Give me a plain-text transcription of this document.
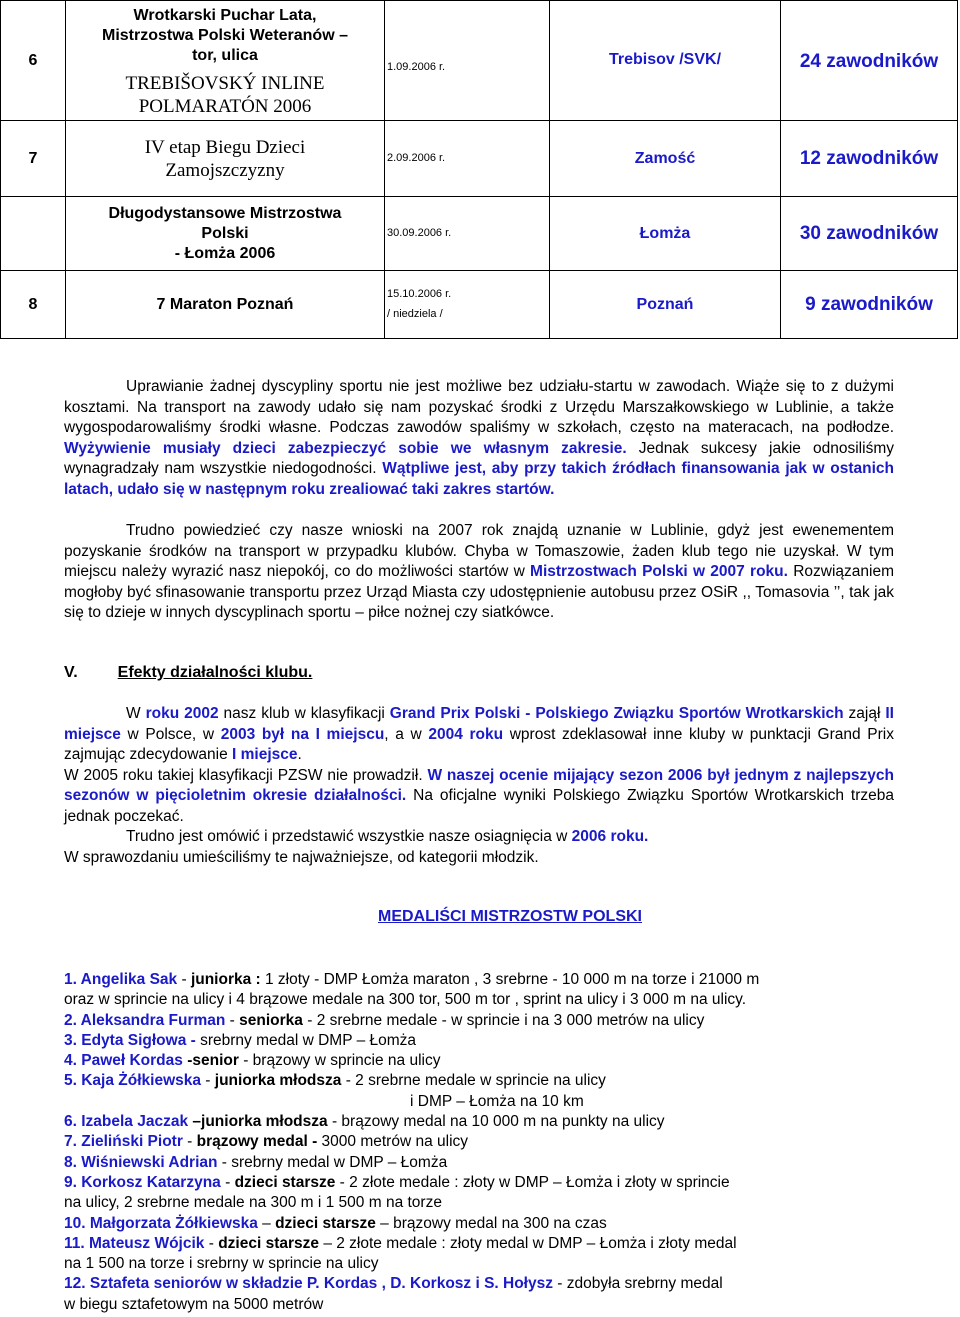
6	Wrotkarski Puchar Lata,
Mistrzostwa Polski Weteranów –
tor, ulica
TREBIŠOVSKÝ INLINE
POLMARATÓN 2006	1.09.2006 r.	Trebisov /SVK/	24 zawodników
7	IV etap Biegu Dzieci
Zamojszczyzny	2.09.2006 r.	Zamość	12 zawodników

	Długodystansowe Mistrzostwa
Polski
- Łomża 2006	30.09.2006 r.	Łomża	30 zawodników
8	7 Maraton Poznań	15.10.2006 r.
/ niedziela /	Poznań	9 zawodników
Uprawianie żadnej dyscypliny sportu nie jest możliwe bez udziału-startu w zawodach. Wiąże się to z dużymi kosztami. Na transport na zawody udało się nam pozyskać środki z Urzędu Marszałkowskiego w Lublinie, a także wygospodarowaliśmy środki własne. Podczas zawodów spaliśmy w szkołach, często na materacach, na podłodze. Wyżywienie musiały dzieci zabezpieczyć sobie we własnym zakresie. Jednak sukcesy jakie odnosiliśmy wynagradzały nam wszystkie niedogodności. Wątpliwe jest, aby przy takich źródłach finansowania jak w ostanich latach, udało się w następnym roku zrealiować taki zakres startów.
Trudno powiedzieć czy nasze wnioski na 2007 rok znajdą uznanie w Lublinie, gdyż jest ewenementem pozyskanie środków na transport w przypadku klubów. Chyba w Tomaszowie, żaden klub tego nie uzyskał. W tym miejscu należy wyrazić nasz niepokój, co do możliwości startów w Mistrzostwach Polski w 2007 roku. Rozwiązaniem mogłoby być sfinasowanie transportu przez Urząd Miasta czy udostępnienie autobusu przez OSiR ,, Tomasovia ’’, tak jak się to dzieje w innych dyscyplinach sportu – piłce nożnej czy siatkówce.
V.	Efekty działalności klubu.
W roku 2002 nasz klub w klasyfikacji Grand Prix Polski - Polskiego Związku Sportów Wrotkarskich zajął II miejsce w Polsce, w 2003 był na I miejscu, a w 2004 roku wprost zdeklasował inne kluby w punktacji Grand Prix zajmując zdecydowanie I miejsce.
W 2005 roku takiej klasyfikacji PZSW nie prowadził. W naszej ocenie mijający sezon 2006 był jednym z najlepszych sezonów w pięcioletnim okresie działalności. Na oficjalne wyniki Polskiego Związku Sportów Wrotkarskich trzeba jednak poczekać.
Trudno jest omówić i przedstawić wszystkie nasze osiagnięcia w 2006 roku.
W sprawozdaniu umieściliśmy te najważniejsze, od kategorii młodzik.
MEDALIŚCI MISTRZOSTW POLSKI
1. Angelika Sak - juniorka : 1 złoty - DMP Łomża maraton , 3 srebrne - 10 000 m na torze i 21000 m
oraz w sprincie na ulicy i 4 brązowe medale na 300 tor, 500 m tor , sprint na ulicy i 3 000 m na ulicy.
2. Aleksandra Furman - seniorka - 2 srebrne medale - w sprincie i na 3 000 metrów na ulicy
3. Edyta Sigłowa - srebrny medal w DMP – Łomża
4. Paweł Kordas -senior - brązowy w sprincie na ulicy
5. Kaja Żółkiewska - juniorka młodsza - 2 srebrne medale w sprincie na ulicy
i DMP – Łomża na 10 km
6. Izabela Jaczak –juniorka młodsza - brązowy medal na 10 000 m na punkty na ulicy
7. Zieliński Piotr - brązowy medal - 3000 metrów na ulicy
8. Wiśniewski Adrian - srebrny medal w DMP – Łomża
9. Korkosz Katarzyna - dzieci starsze - 2 złote medale : złoty w DMP – Łomża i złoty w sprincie
na ulicy, 2 srebrne medale na 300 m i 1 500 m na torze
10. Małgorzata Żółkiewska – dzieci starsze – brązowy medal na 300 na czas
11. Mateusz Wójcik - dzieci starsze – 2 złote medale : złoty medal w DMP – Łomża i złoty medal
na 1 500 na torze i srebrny w sprincie na ulicy
12. Sztafeta seniorów w składzie P. Kordas , D. Korkosz i S. Hołysz - zdobyła srebrny medal
w biegu sztafetowym na 5000 metrów
